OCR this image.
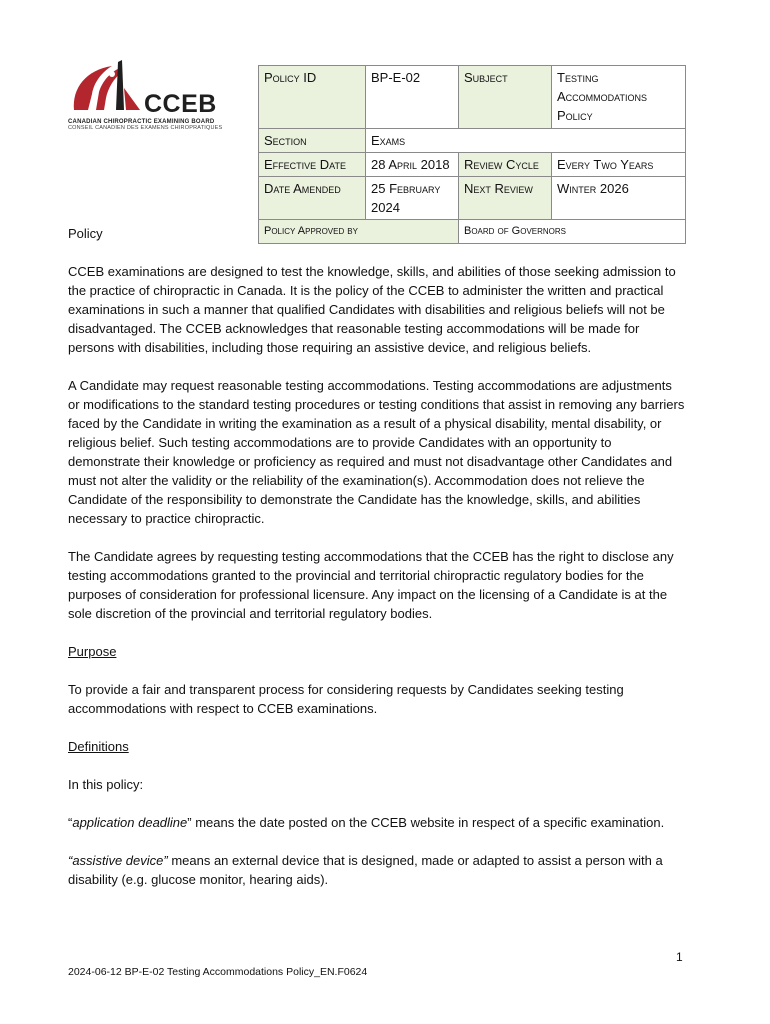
CCEB
CANADIAN CHIROPRACTIC EXAMINING BOARD
CONSEIL CANADIEN DES EXAMENS CHIROPRATIQUES
Policy
Policy ID	BP-E-02	Subject	Testing Accommodations Policy
Section	Exams		
Effective Date	28 April 2018	Review Cycle	Every Two Years
Date Amended	25 February 2024	Next Review	Winter 2026
Policy Approved by		Board of Governors	

CCEB examinations are designed to test the knowledge, skills, and abilities of those seeking admission to the practice of chiropractic in Canada. It is the policy of the CCEB to administer the written and practical examinations in such a manner that qualified Candidates with disabilities and religious beliefs will not be disadvantaged. The CCEB acknowledges that reasonable testing accommodations will be made for persons with disabilities, including those requiring an assistive device, and religious beliefs.

A Candidate may request reasonable testing accommodations. Testing accommodations are adjustments or modifications to the standard testing procedures or testing conditions that assist in removing any barriers faced by the Candidate in writing the examination as a result of a physical disability, mental disability, or religious belief. Such testing accommodations are to provide Candidates with an opportunity to demonstrate their knowledge or proficiency as required and must not disadvantage other Candidates and must not alter the validity or the reliability of the examination(s). Accommodation does not relieve the Candidate of the responsibility to demonstrate the Candidate has the knowledge, skills, and abilities necessary to practice chiropractic.

The Candidate agrees by requesting testing accommodations that the CCEB has the right to disclose any testing accommodations granted to the provincial and territorial chiropractic regulatory bodies for the purposes of consideration for professional licensure. Any impact on the licensing of a Candidate is at the sole discretion of the provincial and territorial regulatory bodies.

Purpose

To provide a fair and transparent process for considering requests by Candidates seeking testing accommodations with respect to CCEB examinations.

Definitions

In this policy:

“application deadline” means the date posted on the CCEB website in respect of a specific examination.

“assistive device” means an external device that is designed, made or adapted to assist a person with a disability (e.g. glucose monitor, hearing aids).

1
2024-06-12 BP-E-02 Testing Accommodations Policy_EN.F0624
